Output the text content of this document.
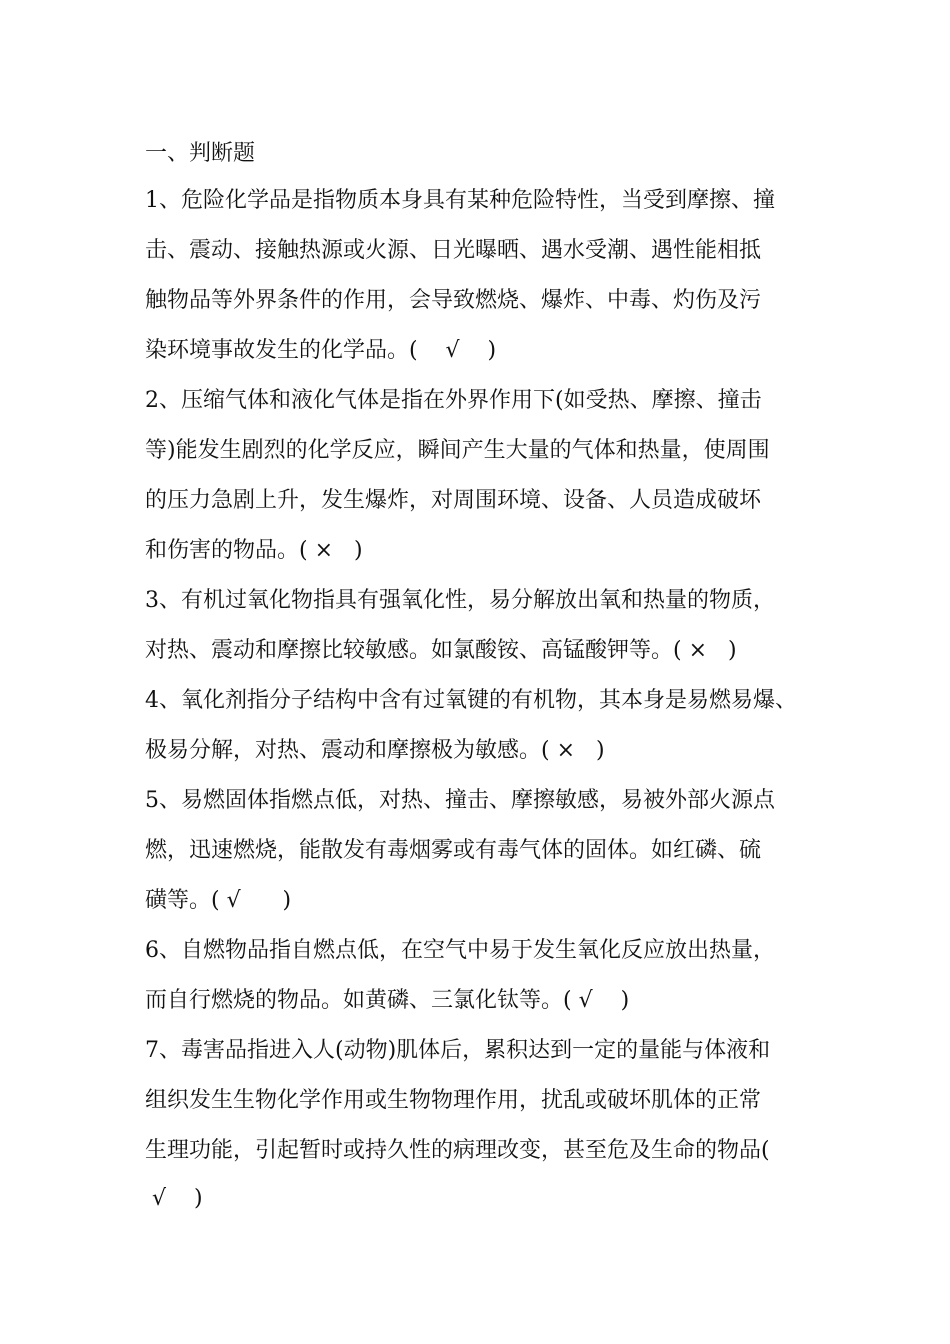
一、判断题
1、危险化学品是指物质本身具有某种危险特性，当受到摩擦、撞
击、震动、接触热源或火源、日光曝晒、遇水受潮、遇性能相抵
触物品等外界条件的作用，会导致燃烧、爆炸、中毒、灼伤及污
染环境事故发生的化学品。(    √    )
2、压缩气体和液化气体是指在外界作用下(如受热、摩擦、撞击
等)能发生剧烈的化学反应，瞬间产生大量的气体和热量，使周围
的压力急剧上升，发生爆炸，对周围环境、设备、人员造成破坏
和伤害的物品。( ×   )
3、有机过氧化物指具有强氧化性，易分解放出氧和热量的物质，
对热、震动和摩擦比较敏感。如氯酸铵、高锰酸钾等。( ×   )
4、氧化剂指分子结构中含有过氧键的有机物，其本身是易燃易爆、
极易分解，对热、震动和摩擦极为敏感。( ×   )
5、易燃固体指燃点低，对热、撞击、摩擦敏感，易被外部火源点
燃，迅速燃烧，能散发有毒烟雾或有毒气体的固体。如红磷、硫
磺等。( √      )
6、自燃物品指自燃点低，在空气中易于发生氧化反应放出热量，
而自行燃烧的物品。如黄磷、三氯化钛等。( √    )
7、毒害品指进入人(动物)肌体后，累积达到一定的量能与体液和
组织发生生物化学作用或生物物理作用，扰乱或破坏肌体的正常
生理功能，引起暂时或持久性的病理改变，甚至危及生命的物品(
√    )
